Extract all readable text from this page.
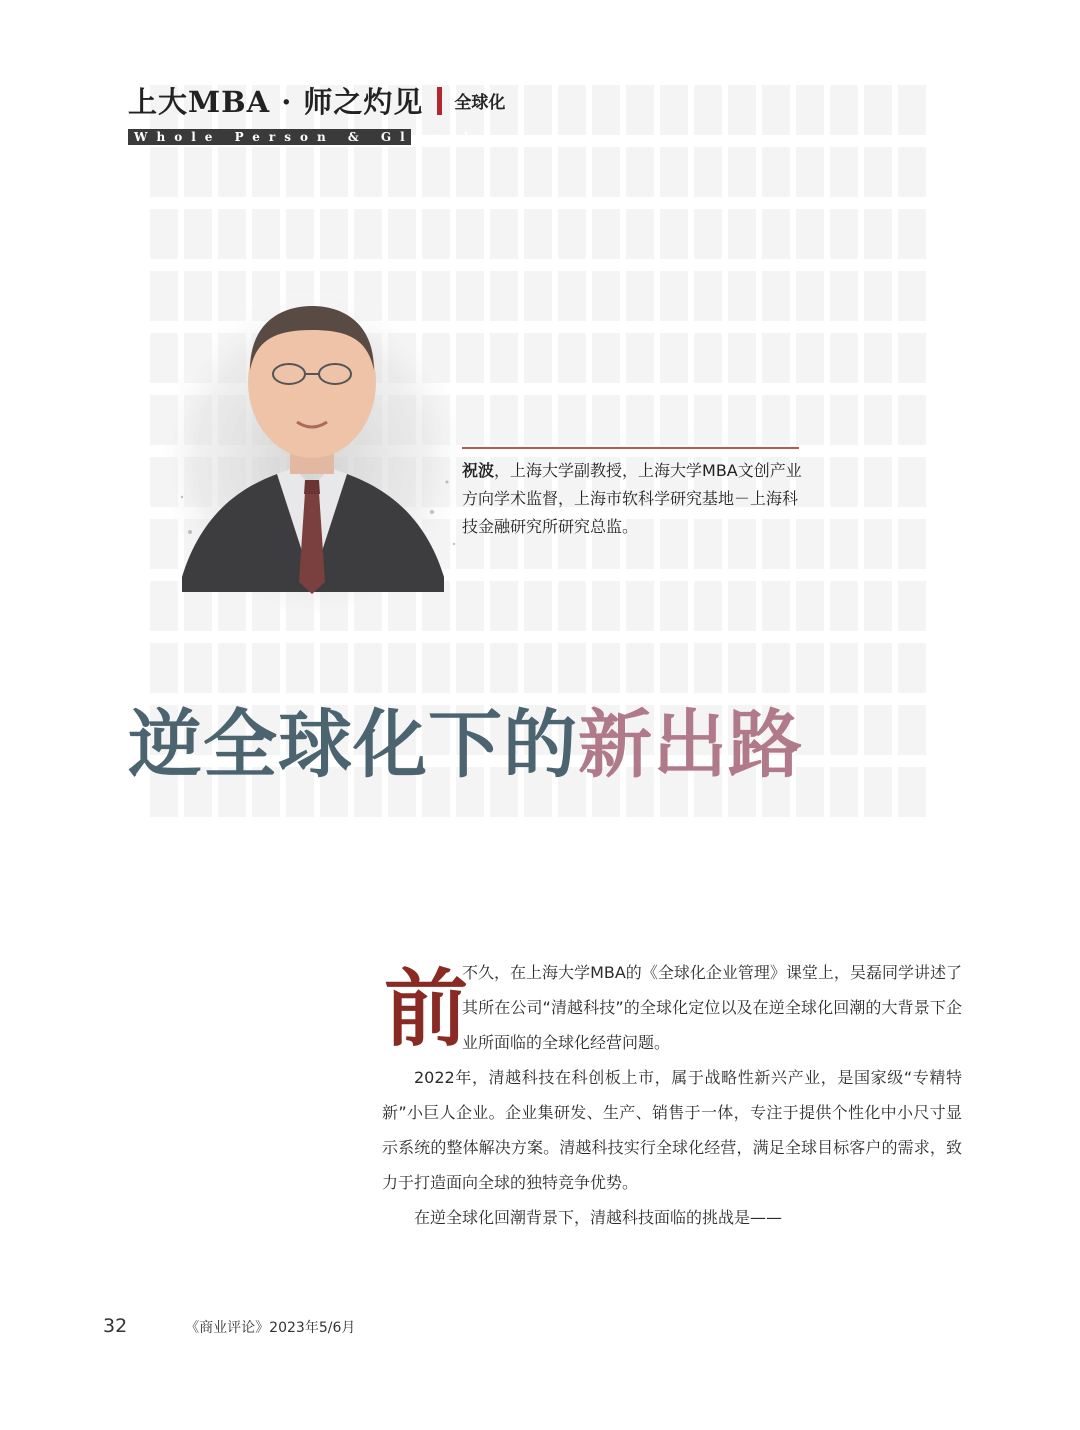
上大MBA · 师之灼见 全球化
Whole Person & Glocal
祝波，上海大学副教授，上海大学MBA文创产业方向学术监督，上海市软科学研究基地－上海科技金融研究所研究总监。
逆全球化下的新出路
前

不久，在上海大学MBA的《全球化企业管理》课堂上，吴磊同学讲述了其所在公司“清越科技”的全球化定位以及在逆全球化回潮的大背景下企业所面临的全球化经营问题。

2022年，清越科技在科创板上市，属于战略性新兴产业，是国家级“专精特新”小巨人企业。企业集研发、生产、销售于一体，专注于提供个性化中小尺寸显示系统的整体解决方案。清越科技实行全球化经营，满足全球目标客户的需求，致力于打造面向全球的独特竞争优势。

在逆全球化回潮背景下，清越科技面临的挑战是——

32	《商业评论》2023年5/6月
